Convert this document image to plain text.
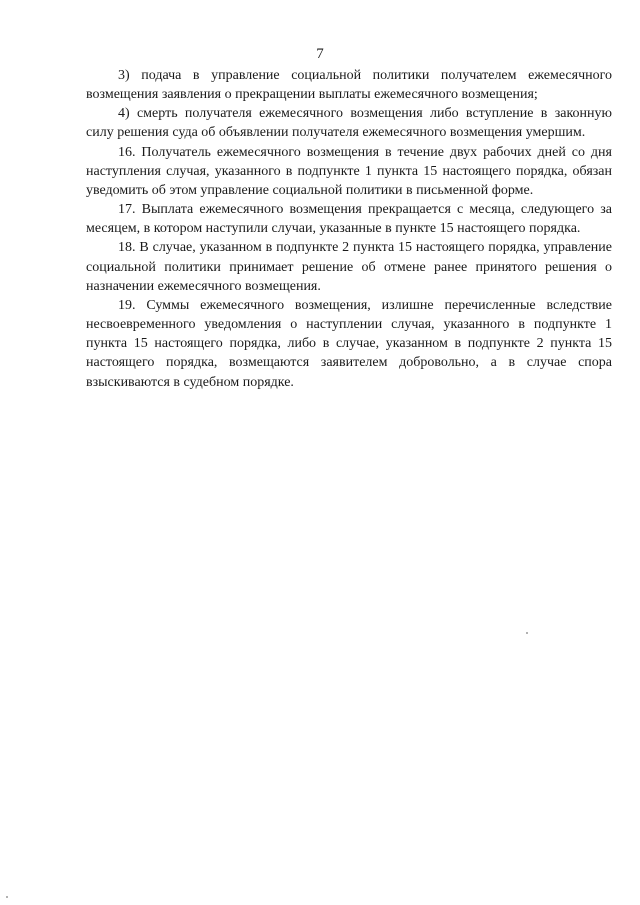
7

3) подача в управление социальной политики получателем ежемесячного возмещения заявления о прекращении выплаты ежемесячного возмещения;

4) смерть получателя ежемесячного возмещения либо вступление в законную силу решения суда об объявлении получателя ежемесячного возмещения умершим.

16. Получатель ежемесячного возмещения в течение двух рабочих дней со дня наступления случая, указанного в подпункте 1 пункта 15 настоящего порядка, обязан уведомить об этом управление социальной политики в письменной форме.

17. Выплата ежемесячного возмещения прекращается с месяца, следующего за месяцем, в котором наступили случаи, указанные в пункте 15 настоящего порядка.

18. В случае, указанном в подпункте 2 пункта 15 настоящего порядка, управление социальной политики принимает решение об отмене ранее принятого решения о назначении ежемесячного возмещения.

19. Суммы ежемесячного возмещения, излишне перечисленные вследствие несвоевременного уведомления о наступлении случая, указанного в подпункте 1 пункта 15 настоящего порядка, либо в случае, указанном в подпункте 2 пункта 15 настоящего порядка, возмещаются заявителем добровольно, а в случае спора взыскиваются в судебном порядке.
